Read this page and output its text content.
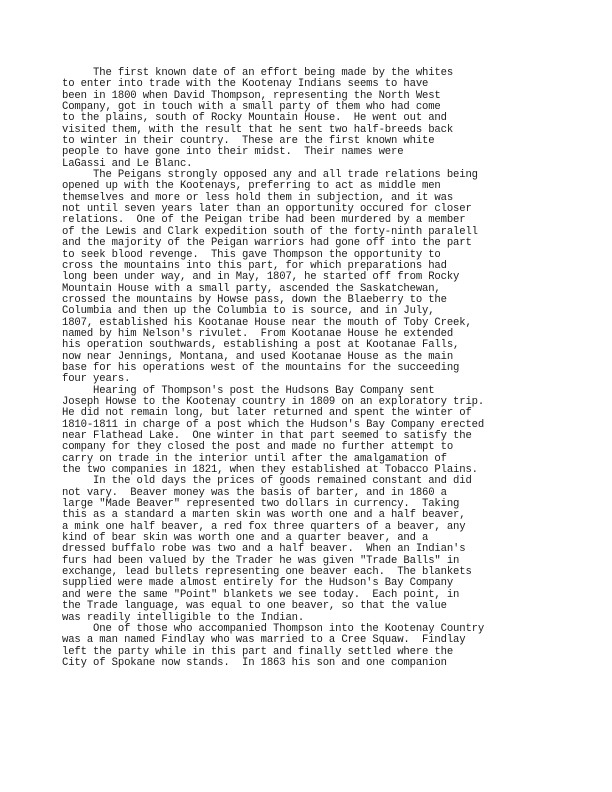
The first known date of an effort being made by the whites
to enter into trade with the Kootenay Indians seems to have
been in 1800 when David Thompson, representing the North West
Company, got in touch with a small party of them who had come
to the plains, south of Rocky Mountain House.  He went out and
visited them, with the result that he sent two half-breeds back
to winter in their country.  These are the first known white
people to have gone into their midst.  Their names were
LaGassi and Le Blanc.
The Peigans strongly opposed any and all trade relations being
opened up with the Kootenays, preferring to act as middle men
themselves and more or less hold them in subjection, and it was
not until seven years later than an opportunity occured for closer
relations.  One of the Peigan tribe had been murdered by a member
of the Lewis and Clark expedition south of the forty-ninth paralell
and the majority of the Peigan warriors had gone off into the part
to seek blood revenge.  This gave Thompson the opportunity to
cross the mountains into this part, for which preparations had
long been under way, and in May, 1807, he started off from Rocky
Mountain House with a small party, ascended the Saskatchewan,
crossed the mountains by Howse pass, down the Blaeberry to the
Columbia and then up the Columbia to is source, and in July,
1807, established his Kootanae House near the mouth of Toby Creek,
named by him Nelson's rivulet.  From Kootanae House he extended
his operation southwards, establishing a post at Kootanae Falls,
now near Jennings, Montana, and used Kootanae House as the main
base for his operations west of the mountains for the succeeding
four years.
Hearing of Thompson's post the Hudsons Bay Company sent
Joseph Howse to the Kootenay country in 1809 on an exploratory trip.
He did not remain long, but later returned and spent the winter of
1810-1811 in charge of a post which the Hudson's Bay Company erected
near Flathead Lake.  One winter in that part seemed to satisfy the
company for they closed the post and made no further attempt to
carry on trade in the interior until after the amalgamation of
the two companies in 1821, when they established at Tobacco Plains.
In the old days the prices of goods remained constant and did
not vary.  Beaver money was the basis of barter, and in 1860 a
large "Made Beaver" represented two dollars in currency.  Taking
this as a standard a marten skin was worth one and a half beaver,
a mink one half beaver, a red fox three quarters of a beaver, any
kind of bear skin was worth one and a quarter beaver, and a
dressed buffalo robe was two and a half beaver.  When an Indian's
furs had been valued by the Trader he was given "Trade Balls" in
exchange, lead bullets representing one beaver each.  The blankets
supplied were made almost entirely for the Hudson's Bay Company
and were the same "Point" blankets we see today.  Each point, in
the Trade language, was equal to one beaver, so that the value
was readily intelligible to the Indian.
One of those who accompanied Thompson into the Kootenay Country
was a man named Findlay who was married to a Cree Squaw.  Findlay
left the party while in this part and finally settled where the
City of Spokane now stands.  In 1863 his son and one companion
